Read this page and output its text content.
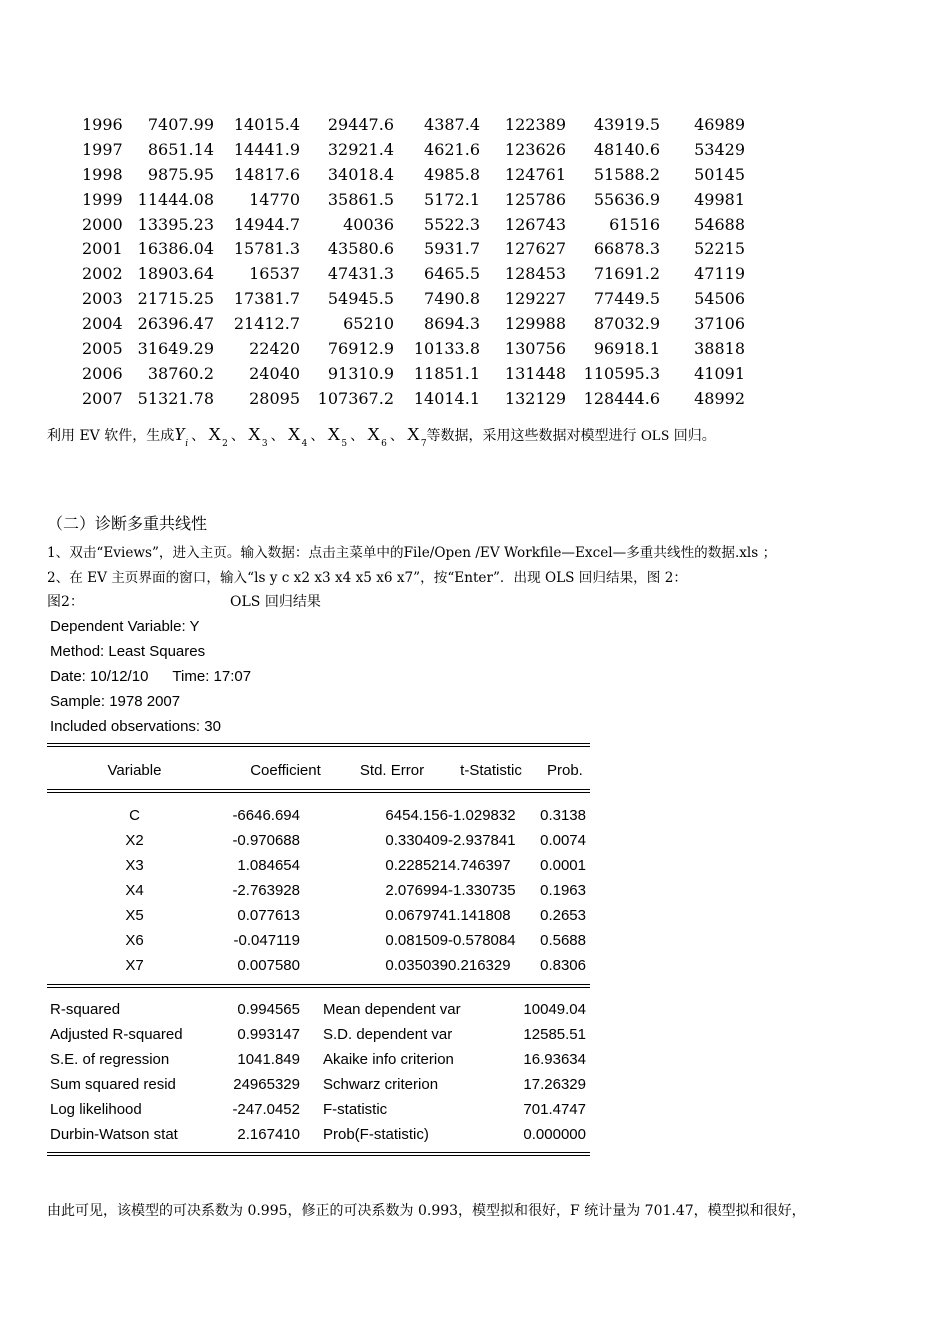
1996	7407.99	14015.4	29447.6	4387.4	122389	43919.5	46989
1997	8651.14	14441.9	32921.4	4621.6	123626	48140.6	53429
1998	9875.95	14817.6	34018.4	4985.8	124761	51588.2	50145
1999	11444.08	14770	35861.5	5172.1	125786	55636.9	49981
2000	13395.23	14944.7	40036	5522.3	126743	61516	54688
2001	16386.04	15781.3	43580.6	5931.7	127627	66878.3	52215
2002	18903.64	16537	47431.3	6465.5	128453	71691.2	47119
2003	21715.25	17381.7	54945.5	7490.8	129227	77449.5	54506
2004	26396.47	21412.7	65210	8694.3	129988	87032.9	37106
2005	31649.29	22420	76912.9	10133.8	130756	96918.1	38818
2006	38760.2	24040	91310.9	11851.1	131448	110595.3	41091
2007	51321.78	28095	107367.2	14014.1	132129	128444.6	48992
利用 EV 软件，生成$Y_i$ 、 $X_2$ 、 $X_3$ 、 $X_4$ 、 $X_5$ 、 $X_6$ 、 $X_7$等数据，采用这些数据对模型进行 OLS 回归。
（二）诊断多重共线性
1、双击“Eviews”，进入主页。输入数据：点击主菜单中的File/Open /EV Workfile—Excel—多重共线性的数据.xls ；
2、在 EV 主页界面的窗口，输入“ls y c x2 x3 x4 x5 x6 x7”，按“Enter”．出现 OLS 回归结果，图 2：
图2：	OLS 回归结果
Dependent Variable: Y
Method: Least Squares
Date: 10/12/10 Time: 17:07
Sample: 1978 2007
Included observations: 30
Variable	Coefficient	Std. Error	t-Statistic	Prob.
C	-6646.694	6454.156 -1.029832	0.3138
X2	-0.970688	0.330409 -2.937841	0.0074
X3	1.084654	0.228521 4.746397	0.0001
X4	-2.763928	2.076994 -1.330735	0.1963
X5	0.077613	0.067974 1.141808	0.2653
X6	-0.047119	0.081509 -0.578084	0.5688
X7	0.007580	0.035039 0.216329	0.8306
R-squared	0.994565 Mean dependent var	10049.04
Adjusted R-squared	0.993147 S.D. dependent var	12585.51
S.E. of regression	1041.849 Akaike info criterion	16.93634
Sum squared resid	24965329 Schwarz criterion	17.26329
Log likelihood	-247.0452 F-statistic	701.4747
Durbin-Watson stat	2.167410 Prob(F-statistic)	0.000000
由此可见，该模型的可决系数为 0.995，修正的可决系数为 0.993，模型拟和很好，F 统计量为 701.47，模型拟和很好，
